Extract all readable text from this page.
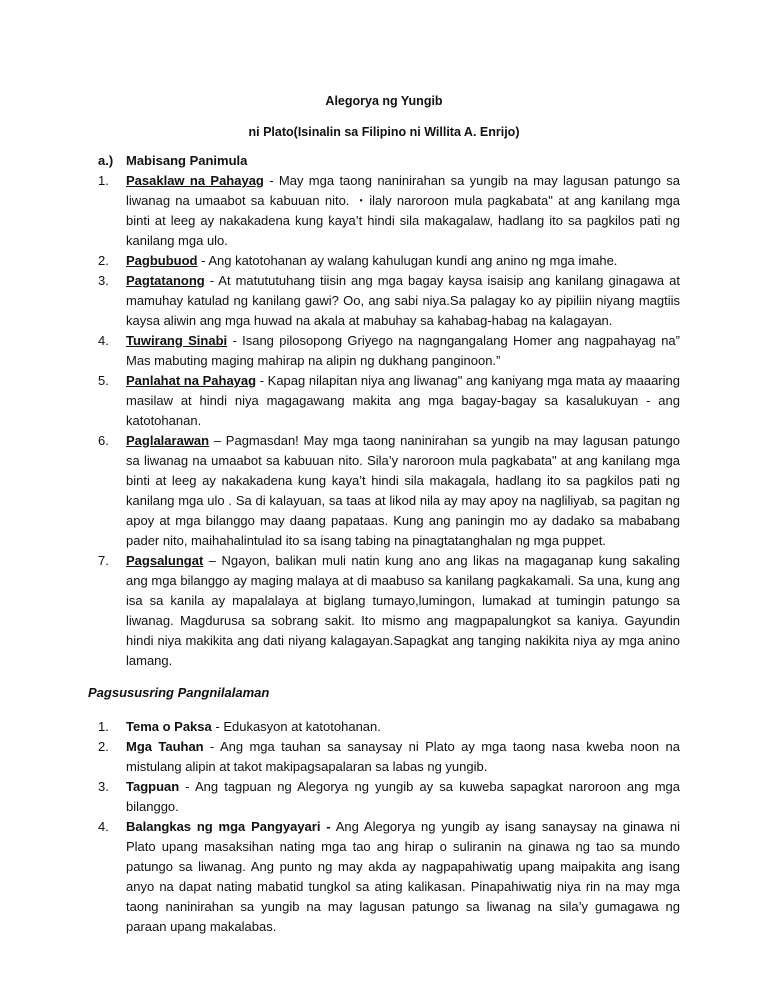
Alegorya ng Yungib
ni Plato(Isinalin sa Filipino ni Willita A. Enrijo)
a.) Mabisang Panimula
1. Pasaklaw na Pahayag - May mga taong naninirahan sa yungib na may lagusan patungo sa liwanag na umaabot sa kabuuan nito. ・ilaly naroroon mula pagkabata" at ang kanilang mga binti at leeg ay nakakadena kung kaya’t hindi sila makagalaw, hadlang ito sa pagkilos pati ng kanilang mga ulo.
2. Pagbubuod - Ang katotohanan ay walang kahulugan kundi ang anino ng mga imahe.
3. Pagtatanong - At matututuhang tiisin ang mga bagay kaysa isaisip ang kanilang ginagawa at mamuhay katulad ng kanilang gawi? Oo, ang sabi niya.Sa palagay ko ay pipiliin niyang magtiis kaysa aliwin ang mga huwad na akala at mabuhay sa kahabag-habag na kalagayan.
4. Tuwirang Sinabi - Isang pilosopong Griyego na nagngangalang Homer ang nagpahayag na” Mas mabuting maging mahirap na alipin ng dukhang panginoon.”
5. Panlahat na Pahayag - Kapag nilapitan niya ang liwanag" ang kaniyang mga mata ay maaaring masilaw at hindi niya magagawang makita ang mga bagay-bagay sa kasalukuyan - ang katotohanan.
6. Paglalarawan – Pagmasdan! May mga taong naninirahan sa yungib na may lagusan patungo sa liwanag na umaabot sa kabuuan nito. Sila’y naroroon mula pagkabata" at ang kanilang mga binti at leeg ay nakakadena kung kaya’t hindi sila makagala, hadlang ito sa pagkilos pati ng kanilang mga ulo . Sa di kalayuan, sa taas at likod nila ay may apoy na nagliliyab, sa pagitan ng apoy at mga bilanggo may daang papataas. Kung ang paningin mo ay dadako sa mababang pader nito, maihahalintulad ito sa isang tabing na pinagtatanghalan ng mga puppet.
7. Pagsalungat – Ngayon, balikan muli natin kung ano ang likas na magaganap kung sakaling ang mga bilanggo ay maging malaya at di maabuso sa kanilang pagkakamali. Sa una, kung ang isa sa kanila ay mapalalaya at biglang tumayo,lumingon, lumakad at tumingin patungo sa liwanag. Magdurusa sa sobrang sakit. Ito mismo ang magpapalungkot sa kaniya. Gayundin hindi niya makikita ang dati niyang kalagayan.Sapagkat ang tanging nakikita niya ay mga anino lamang.
Pagsususring Pangnilalaman
1. Tema o Paksa - Edukasyon at katotohanan.
2. Mga Tauhan - Ang mga tauhan sa sanaysay ni Plato ay mga taong nasa kweba noon na mistulang alipin at takot makipagsapalaran sa labas ng yungib.
3. Tagpuan - Ang tagpuan ng Alegorya ng yungib ay sa kuweba sapagkat naroroon ang mga bilanggo.
4. Balangkas ng mga Pangyayari - Ang Alegorya ng yungib ay isang sanaysay na ginawa ni Plato upang masaksihan nating mga tao ang hirap o suliranin na ginawa ng tao sa mundo patungo sa liwanag. Ang punto ng may akda ay nagpapahiwatig upang maipakita ang isang anyo na dapat nating mabatid tungkol sa ating kalikasan. Pinapahiwatig niya rin na may mga taong naninirahan sa yungib na may lagusan patungo sa liwanag na sila’y gumagawa ng paraan upang makalabas.
